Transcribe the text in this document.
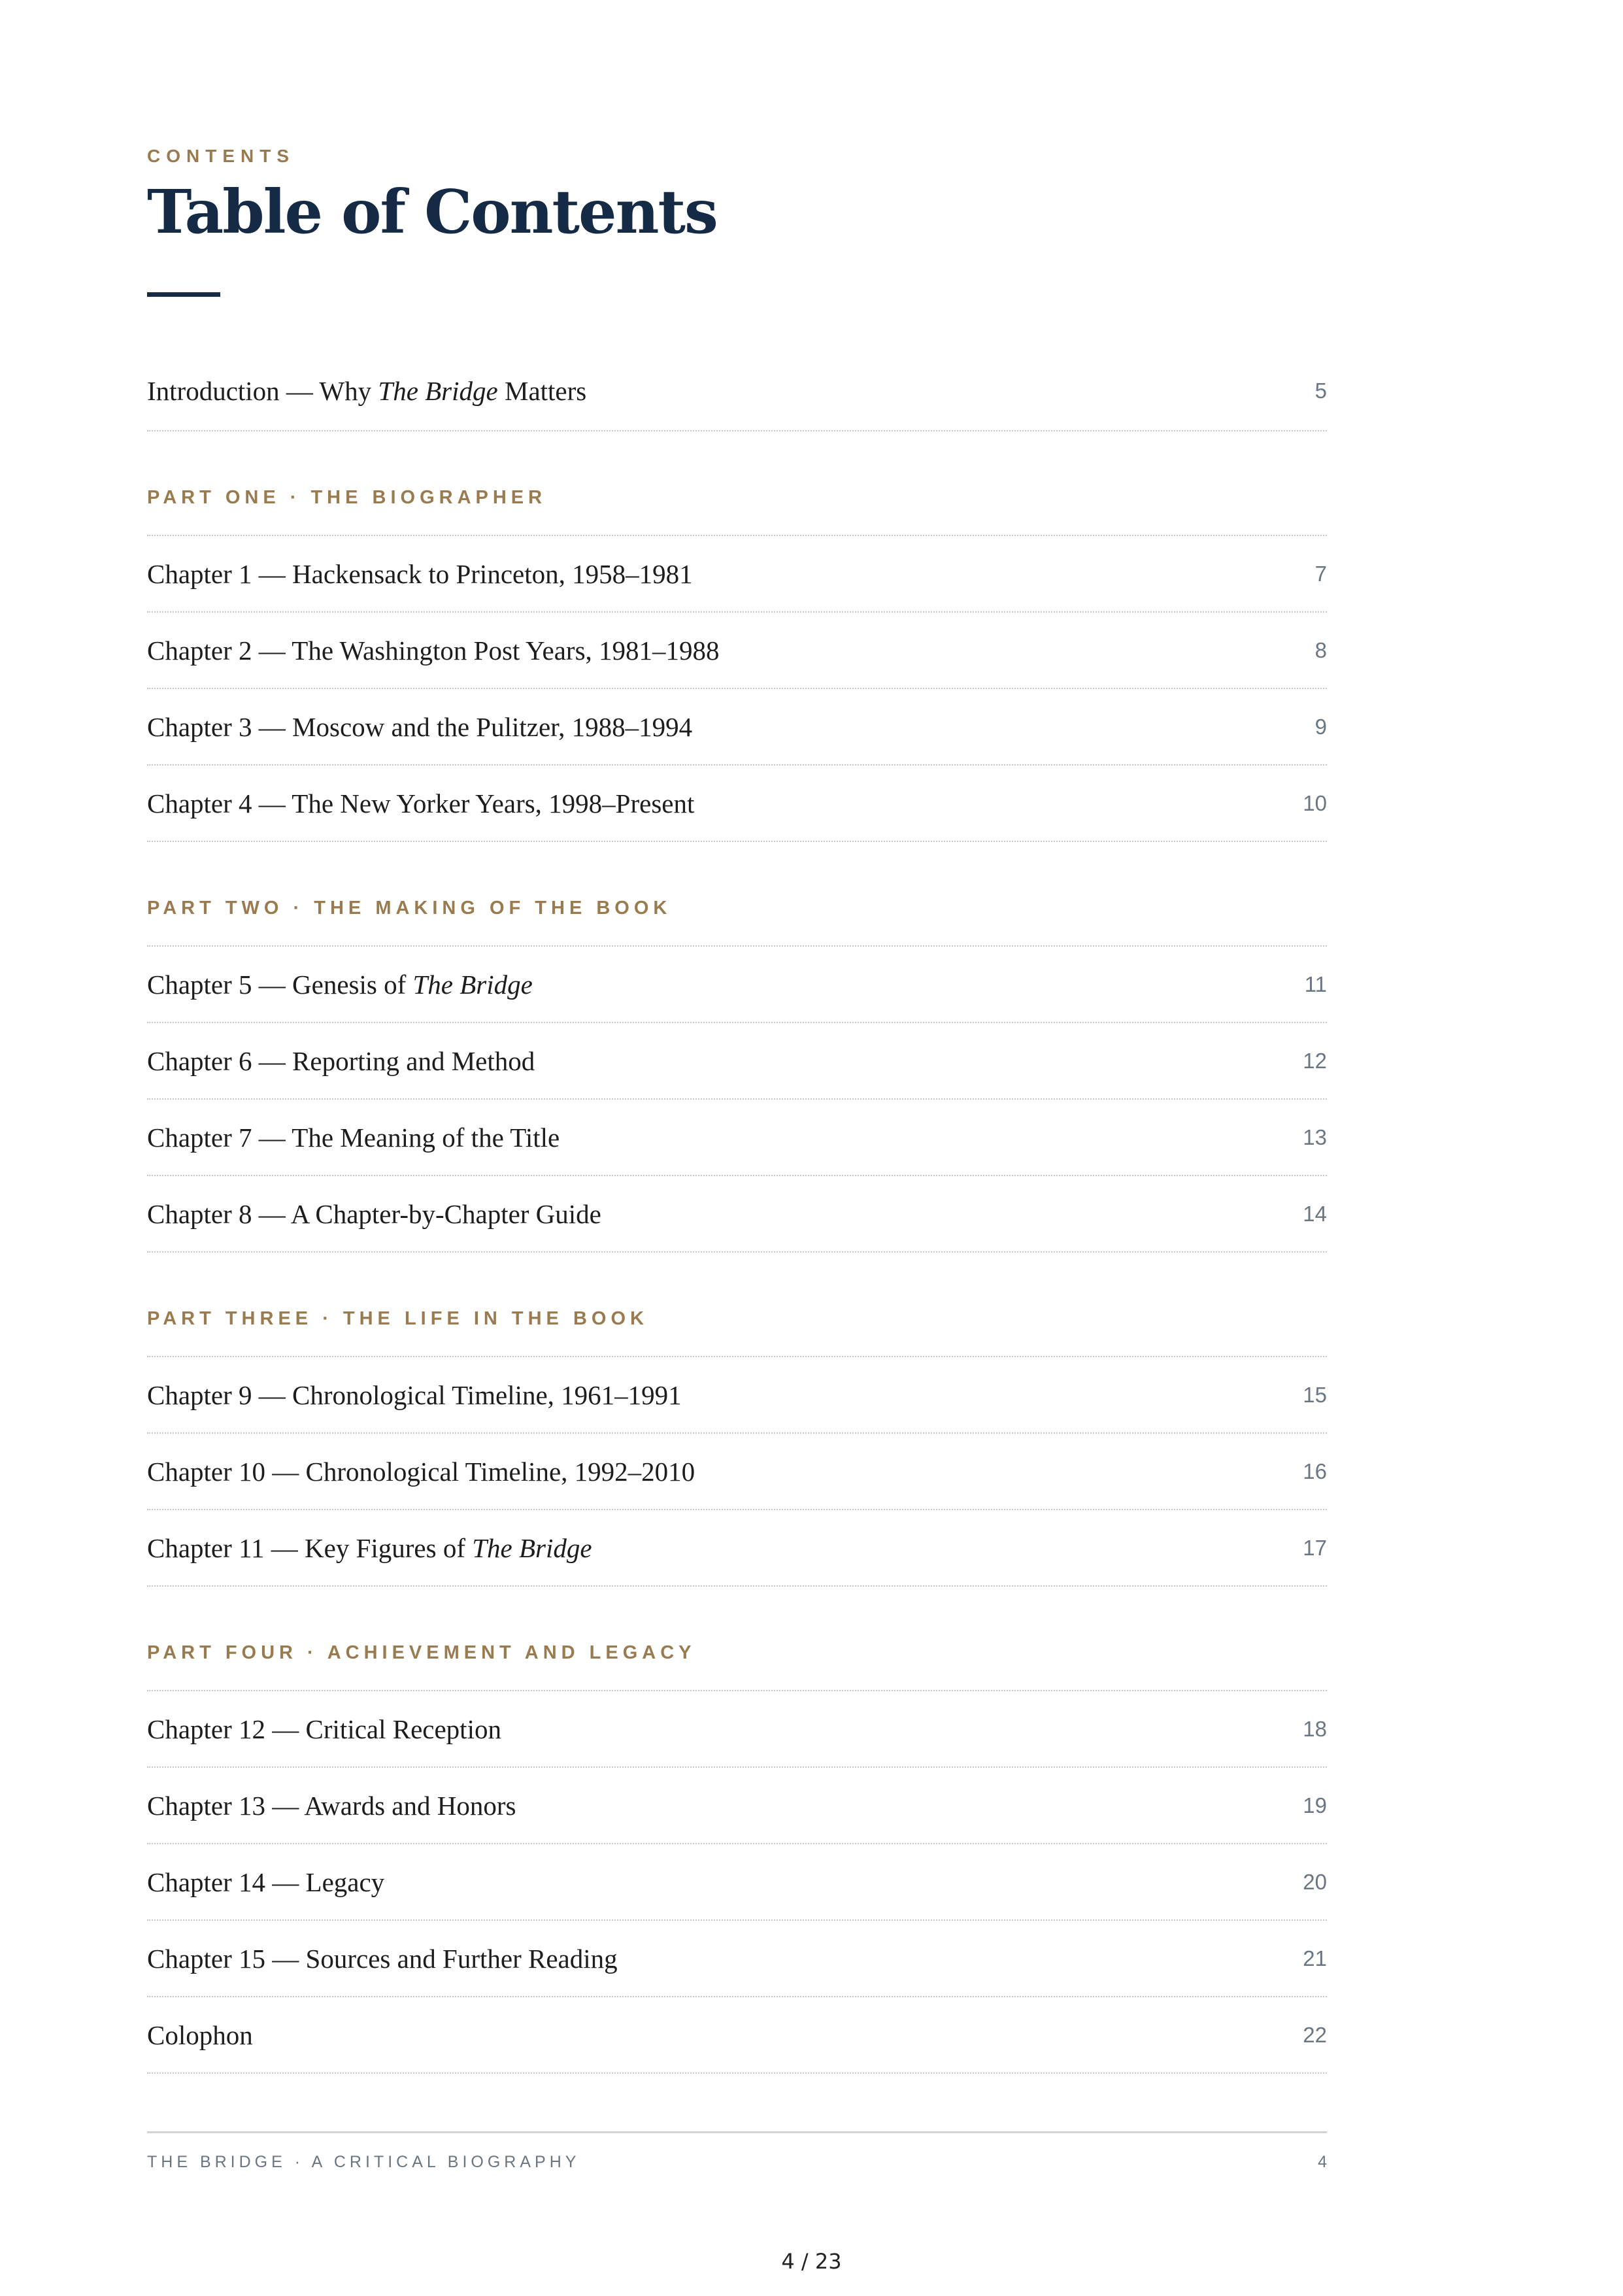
CONTENTS
Table of Contents
Introduction — Why The Bridge Matters	5
PART ONE · THE BIOGRAPHER
Chapter 1 — Hackensack to Princeton, 1958–1981	7
Chapter 2 — The Washington Post Years, 1981–1988	8
Chapter 3 — Moscow and the Pulitzer, 1988–1994	9
Chapter 4 — The New Yorker Years, 1998–Present	10
PART TWO · THE MAKING OF THE BOOK
Chapter 5 — Genesis of The Bridge	11
Chapter 6 — Reporting and Method	12
Chapter 7 — The Meaning of the Title	13
Chapter 8 — A Chapter-by-Chapter Guide	14
PART THREE · THE LIFE IN THE BOOK
Chapter 9 — Chronological Timeline, 1961–1991	15
Chapter 10 — Chronological Timeline, 1992–2010	16
Chapter 11 — Key Figures of The Bridge	17
PART FOUR · ACHIEVEMENT AND LEGACY
Chapter 12 — Critical Reception	18
Chapter 13 — Awards and Honors	19
Chapter 14 — Legacy	20
Chapter 15 — Sources and Further Reading	21
Colophon	22
THE BRIDGE · A CRITICAL BIOGRAPHY	4
4 / 23
